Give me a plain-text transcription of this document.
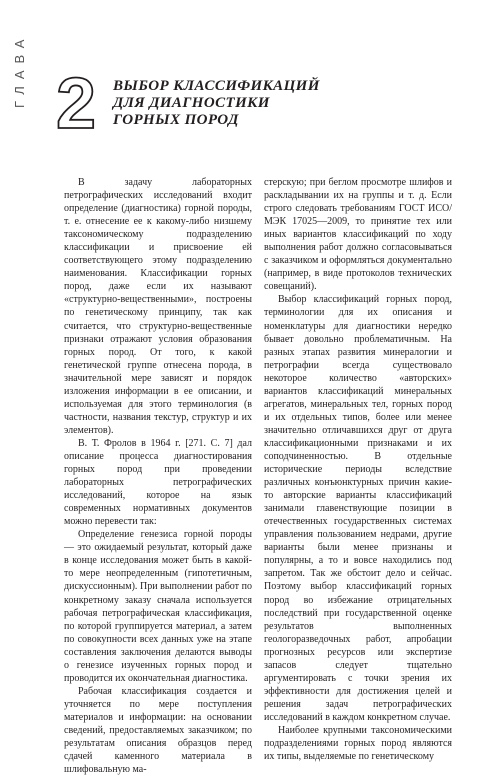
ГЛАВА 2 ВЫБОР КЛАССИФИКАЦИЙ
ДЛЯ ДИАГНОСТИКИ
ГОРНЫХ ПОРОД

В задачу лабораторных петрографических исследований входит определение (диагностика) горной породы, т. е. отнесение ее к какому-либо низшему таксономическому подразделению классификации и присвоение ей соответствующего этому подразделению наименования. Классификации горных пород, даже если их называют «структурно-вещественными», построены по генетическому принципу, так как считается, что структурно-вещественные признаки отражают условия образования горных пород. От того, к какой генетической группе отнесена порода, в значительной мере зависят и порядок изложения информации в ее описании, и используемая для этого терминология (в частности, названия текстур, структур и их элементов).

В. Т. Фролов в 1964 г. [271. С. 7] дал описание процесса диагностирования горных пород при проведении лабораторных петрографических исследований, которое на язык современных нормативных документов можно перевести так:

Определение генезиса горной породы — это ожидаемый результат, который даже в конце исследования может быть в какой-то мере неопределенным (гипотетичным, дискуссионным). При выполнении работ по конкретному заказу сначала используется рабочая петрографическая классификация, по которой группируется материал, а затем по совокупности всех данных уже на этапе составления заключения делаются выводы о генезисе изученных горных пород и проводится их окончательная диагностика.

Рабочая классификация создается и уточняется по мере поступления материалов и информации: на основании сведений, предоставляемых заказчиком; по результатам описания образцов перед сдачей каменного материала в шлифовальную ма-

стерскую; при беглом просмотре шлифов и раскладывании их на группы и т. д. Если строго следовать требованиям ГОСТ ИСО/МЭК 17025—2009, то принятие тех или иных вариантов классификаций по ходу выполнения работ должно согласовываться с заказчиком и оформляться документально (например, в виде протоколов технических совещаний).

Выбор классификаций горных пород, терминологии для их описания и номенклатуры для диагностики нередко бывает довольно проблематичным. На разных этапах развития минералогии и петрографии всегда существовало некоторое количество «авторских» вариантов классификаций минеральных агрегатов, минеральных тел, горных пород и их отдельных типов, более или менее значительно отличавшихся друг от друга классификационными признаками и их соподчиненностью. В отдельные исторические периоды вследствие различных конъюнктурных причин какие-то авторские варианты классификаций занимали главенствующие позиции в отечественных государственных системах управления пользованием недрами, другие варианты были менее признаны и популярны, а то и вовсе находились под запретом. Так же обстоит дело и сейчас. Поэтому выбор классификаций горных пород во избежание отрицательных последствий при государственной оценке результатов выполненных геологоразведочных работ, апробации прогнозных ресурсов или экспертизе запасов следует тщательно аргументировать с точки зрения их эффективности для достижения целей и решения задач петрографических исследований в каждом конкретном случае.

Наиболее крупными таксономическими подразделениями горных пород являются их типы, выделяемые по генетическому
